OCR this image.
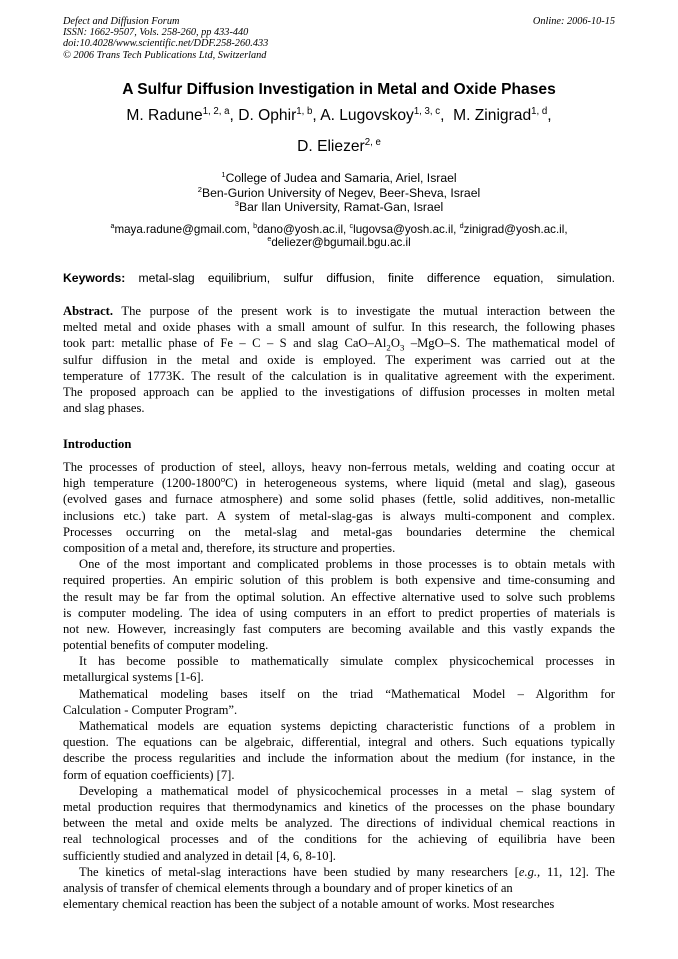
Defect and Diffusion Forum
ISSN: 1662-9507, Vols. 258-260, pp 433-440
doi:10.4028/www.scientific.net/DDF.258-260.433
© 2006 Trans Tech Publications Ltd, Switzerland
Online: 2006-10-15
A Sulfur Diffusion Investigation in Metal and Oxide Phases
M. Radune$^{1, 2, a}$, D. Ophir$^{1, b}$, A. Lugovskoy$^{1, 3, c}$,  M. Zinigrad$^{1, d}$,
D. Eliezer$^{2, e}$
$^1$College of Judea and Samaria, Ariel, Israel
$^2$Ben-Gurion University of Negev, Beer-Sheva, Israel
$^3$Bar Ilan University, Ramat-Gan, Israel
$^a$maya.radune@gmail.com, $^b$dano@yosh.ac.il, $^c$lugovsa@yosh.ac.il, $^d$zinigrad@yosh.ac.il,
$^e$deliezer@bgumail.bgu.ac.il
Keywords: metal-slag equilibrium, sulfur diffusion, finite difference equation, simulation.
Abstract. The purpose of the present work is to investigate the mutual interaction between the
melted metal and oxide phases with a small amount of sulfur. In this research, the following phases
took part: metallic phase of Fe – C – S and slag CaO–$Al_2O_3$ –MgO–S. The mathematical model of
sulfur diffusion in the metal and oxide is employed. The experiment was carried out at the
temperature of 1773K. The result of the calculation is in qualitative agreement with the experiment.
The proposed approach can be applied to the investigations of diffusion processes in molten metal
and slag phases.
Introduction
The processes of production of steel, alloys, heavy non-ferrous metals, welding and coating occur at
high temperature (1200-1800$^o$C) in heterogeneous systems, where liquid (metal and slag), gaseous
(evolved gases and furnace atmosphere) and some solid phases (fettle, solid additives, non-metallic
inclusions etc.) take part. A system of metal-slag-gas is always multi-component and complex.
Processes occurring on the metal-slag and metal-gas boundaries determine the chemical
composition of a metal and, therefore, its structure and properties.
One of the most important and complicated problems in those processes is to obtain metals with
required properties. An empiric solution of this problem is both expensive and time-consuming and
the result may be far from the optimal solution. An effective alternative used to solve such problems
is computer modeling. The idea of using computers in an effort to predict properties of materials is
not new. However, increasingly fast computers are becoming available and this vastly expands the
potential benefits of computer modeling.
It has become possible to mathematically simulate complex physicochemical processes in
metallurgical systems [1-6].
Mathematical modeling bases itself on the triad “Mathematical Model – Algorithm for
Calculation - Computer Program”.
Mathematical models are equation systems depicting characteristic functions of a problem in
question. The equations can be algebraic, differential, integral and others. Such equations typically
describe the process regularities and include the information about the medium (for instance, in the
form of equation coefficients) [7].
Developing a mathematical model of physicochemical processes in a metal – slag system of
metal production requires that thermodynamics and kinetics of the processes on the phase boundary
between the metal and oxide melts be analyzed. The directions of individual chemical reactions in
real technological processes and of the conditions for the achieving of equilibria have been
sufficiently studied and analyzed in detail [4, 6, 8-10].
The kinetics of metal-slag interactions have been studied by many researchers [e.g., 11, 12]. The
analysis of transfer of chemical elements through a boundary and of proper kinetics of an
elementary chemical reaction has been the subject of a notable amount of works. Most researches
